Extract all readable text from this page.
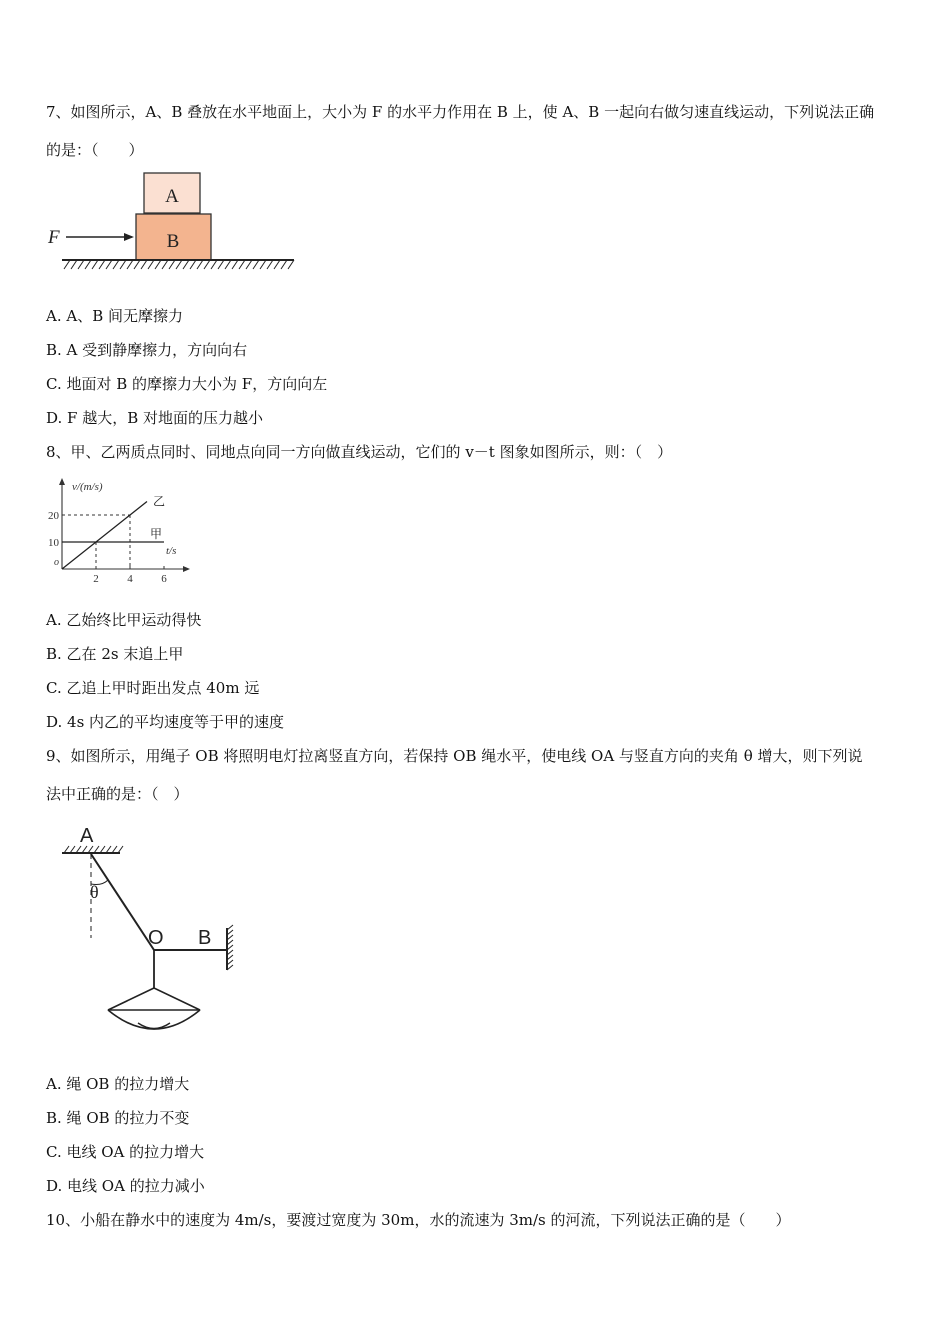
7、如图所示，A、B 叠放在水平地面上，大小为 F 的水平力作用在 B 上，使 A、B 一起向右做匀速直线运动，下列说法正确
的是：（　　）
A
B
F
A. A、B 间无摩擦力
B. A 受到静摩擦力，方向向右
C. 地面对 B 的摩擦力大小为 F，方向向左
D. F 越大，B 对地面的压力越小
8、甲、乙两质点同时、同地点向同一方向做直线运动，它们的 v－t 图象如图所示，则：（　）
v/(m/s)
t/s
o
10
20
2	4	6
乙
甲
A. 乙始终比甲运动得快
B. 乙在 2s 末追上甲
C. 乙追上甲时距出发点 40m 远
D. 4s 内乙的平均速度等于甲的速度
9、如图所示，用绳子 OB 将照明电灯拉离竖直方向，若保持 OB 绳水平，使电线 OA 与竖直方向的夹角 θ 增大，则下列说
法中正确的是：（　）
A
θ
O B
A. 绳 OB 的拉力增大
B. 绳 OB 的拉力不变
C. 电线 OA 的拉力增大
D. 电线 OA 的拉力减小
10、小船在静水中的速度为 4m/s，要渡过宽度为 30m，水的流速为 3m/s 的河流，下列说法正确的是（　　）
